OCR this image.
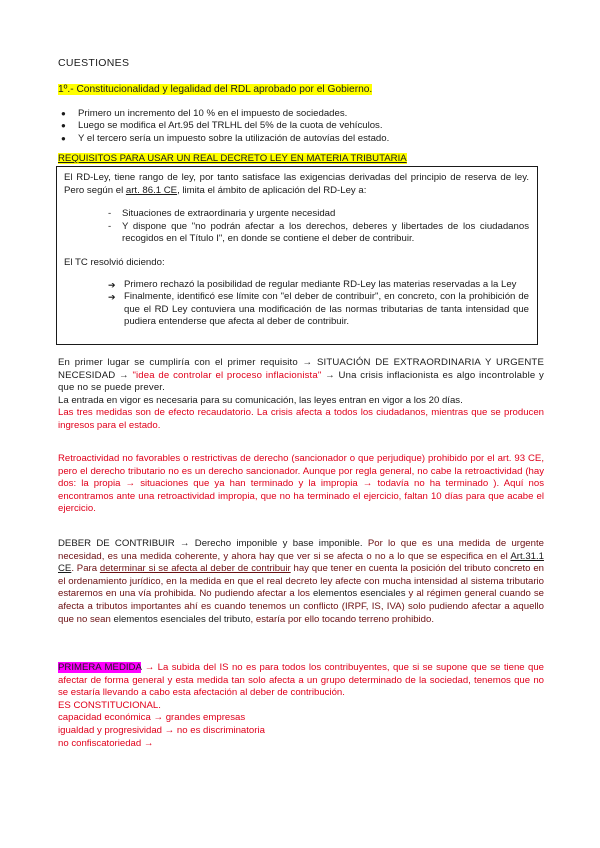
CUESTIONES
1º.- Constitucionalidad y legalidad del RDL aprobado por el Gobierno.
● Primero un incremento del 10 % en el impuesto de sociedades.
● Luego se modifica el Art.95 del TRLHL del 5% de la cuota de vehículos.
● Y el tercero sería un impuesto sobre la utilización de autovías del estado.
REQUISITOS PARA USAR UN REAL DECRETO LEY EN MATERIA TRIBUTARIA

El RD-Ley, tiene rango de ley, por tanto satisface las exigencias derivadas del principio de reserva de ley. Pero según el art. 86.1 CE, limita el ámbito de aplicación del RD-Ley a:

- Situaciones de extraordinaria y urgente necesidad
- Y dispone que "no podrán afectar a los derechos, deberes y libertades de los ciudadanos recogidos en el Título I", en donde se contiene el deber de contribuir.

El TC resolvió diciendo:

➔ Primero rechazó la posibilidad de regular mediante RD-Ley las materias reservadas a la Ley
➔ Finalmente, identificó ese límite con "el deber de contribuir", en concreto, con la prohibición de que el RD Ley contuviera una modificación de las normas tributarias de tanta intensidad que pudiera entenderse que afecta al deber de contribuir.
En primer lugar se cumpliría con el primer requisito → SITUACIÓN DE EXTRAORDINARIA Y URGENTE NECESIDAD → "idea de controlar el proceso inflacionista" → Una crisis inflacionista es algo incontrolable y que no se puede prever.
La entrada en vigor es necesaria para su comunicación, las leyes entran en vigor a los 20 días.
Las tres medidas son de efecto recaudatorio. La crisis afecta a todos los ciudadanos, mientras que se producen ingresos para el estado.
Retroactividad no favorables o restrictivas de derecho (sancionador o que perjudique) prohibido por el art. 93 CE, pero el derecho tributario no es un derecho sancionador. Aunque por regla general, no cabe la retroactividad (hay dos: la propia → situaciones que ya han terminado y la impropia → todavía no ha terminado ). Aquí nos encontramos ante una retroactividad impropia, que no ha terminado el ejercicio, faltan 10 días para que acabe el ejercicio.
DEBER DE CONTRIBUIR → Derecho imponible y base imponible. Por lo que es una medida de urgente necesidad, es una medida coherente, y ahora hay que ver si se afecta o no a lo que se especifica en el Art.31.1 CE. Para determinar si se afecta al deber de contribuir hay que tener en cuenta la posición del tributo concreto en el ordenamiento jurídico, en la medida en que el real decreto ley afecte con mucha intensidad al sistema tributario estaremos en una vía prohibida. No pudiendo afectar a los elementos esenciales y al régimen general cuando se afecta a tributos importantes ahí es cuando tenemos un conflicto (IRPF, IS, IVA) solo pudiendo afectar a aquello que no sean elementos esenciales del tributo, estaría por ello tocando terreno prohibido.
PRIMERA MEDIDA → La subida del IS no es para todos los contribuyentes, que si se supone que se tiene que afectar de forma general y esta medida tan solo afecta a un grupo determinado de la sociedad, tenemos que no se estaría llevando a cabo esta afectación al deber de contribución.
ES CONSTITUCIONAL.
capacidad económica → grandes empresas
igualdad y progresividad → no es discriminatoria
no confiscatoriedad →
